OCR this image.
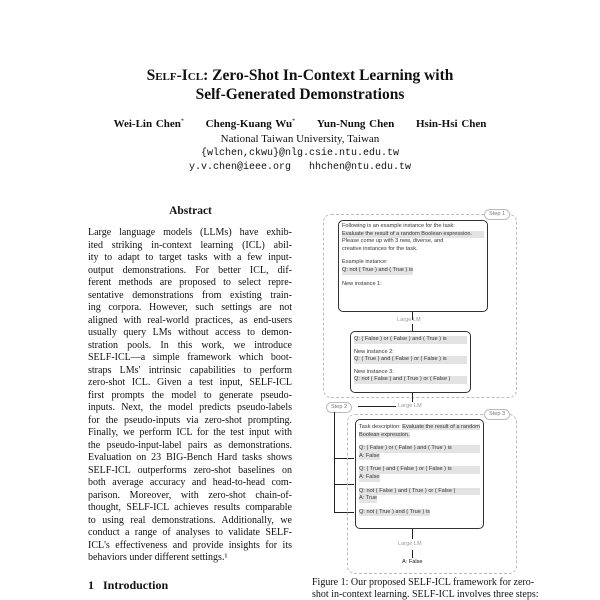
Self-Icl: Zero-Shot In-Context Learning with
Self-Generated Demonstrations
Wei-Lin Chen* Cheng-Kuang Wu* Yun-Nung Chen Hsin-Hsi Chen
National Taiwan University, Taiwan
{wlchen,ckwu}@nlg.csie.ntu.edu.tw
y.v.chen@ieee.org   hhchen@ntu.edu.tw
Abstract
Large language models (LLMs) have exhib-
ited striking in-context learning (ICL) abil-
ity to adapt to target tasks with a few input-
output demonstrations. For better ICL, dif-
ferent methods are proposed to select repre-
sentative demonstrations from existing train-
ing corpora. However, such settings are not
aligned with real-world practices, as end-users
usually query LMs without access to demon-
stration pools. In this work, we introduce
SELF-ICL—a simple framework which boot-
straps LMs' intrinsic capabilities to perform
zero-shot ICL. Given a test input, SELF-ICL
first prompts the model to generate pseudo-
inputs. Next, the model predicts pseudo-labels
for the pseudo-inputs via zero-shot prompting.
Finally, we perform ICL for the test input with
the pseudo-input-label pairs as demonstrations.
Evaluation on 23 BIG-Bench Hard tasks shows
SELF-ICL outperforms zero-shot baselines on
both average accuracy and head-to-head com-
parison. Moreover, with zero-shot chain-of-
thought, SELF-ICL achieves results comparable
to using real demonstrations. Additionally, we
conduct a range of analyses to validate SELF-
ICL's effectiveness and provide insights for its
behaviors under different settings.¹
1 Introduction
Step 1
Following is an example instance for the task:
Evaluate the result of a random Boolean expression.
Please come up with 3 new, diverse, and
creative instances for the task.
Example instance:
Q: not ( True ) and ( True ) is
New instance 1:
Large LM
Q: ( False ) or ( False ) and ( True ) is
New instance 2:
Q: ( True ) and ( False ) or ( False ) is
New instance 3:
Q: not ( False ) and ( True ) or ( False )
Step 2	Large LM
Step 3
Task description: Evaluate the result of a random Boolean expression.
Q: ( False ) or ( False ) and ( True ) is
A: False
Q: ( True ) and ( False ) or ( False ) is
A: False
Q: not ( False ) and ( True ) or ( False )
A: True
Q: not ( True ) and ( True ) is
Large LM
A: False
Figure 1: Our proposed SELF-ICL framework for zero-
shot in-context learning. SELF-ICL involves three steps:
